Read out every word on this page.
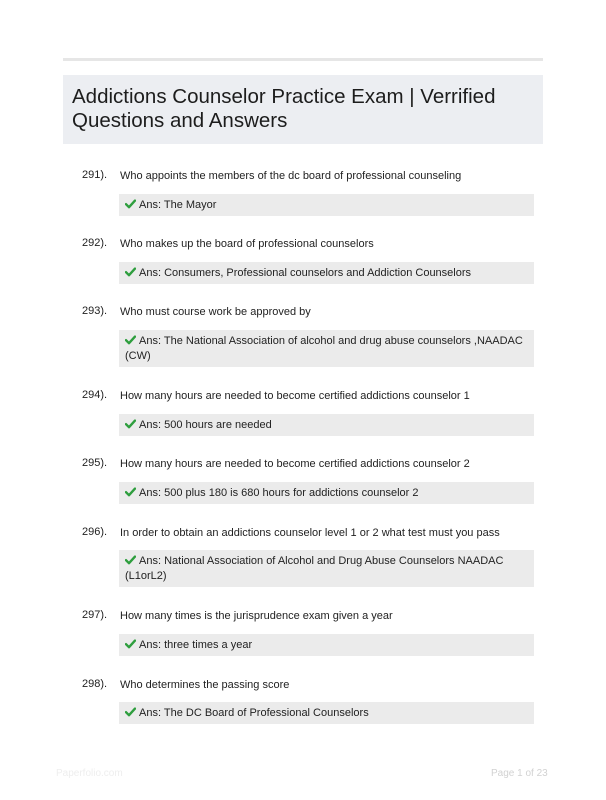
Addictions Counselor Practice Exam | Verrified Questions and Answers
291). Who appoints the members of the dc board of professional counseling
Ans: The Mayor
292). Who makes up the board of professional counselors
Ans: Consumers, Professional counselors and Addiction Counselors
293). Who must course work be approved by
Ans: The National Association of alcohol and drug abuse counselors ,NAADAC (CW)
294). How many hours are needed to become certified addictions counselor 1
Ans: 500 hours are needed
295). How many hours are needed to become certified addictions counselor 2
Ans: 500 plus 180 is 680 hours for addictions counselor 2
296). In order to obtain an addictions counselor level 1 or 2 what test must you pass
Ans: National Association of Alcohol and Drug Abuse Counselors NAADAC (L1orL2)
297). How many times is the jurisprudence exam given a year
Ans: three times a year
298). Who determines the passing score
Ans: The DC Board of Professional Counselors
Paperfolio.com	Page 1 of 23
